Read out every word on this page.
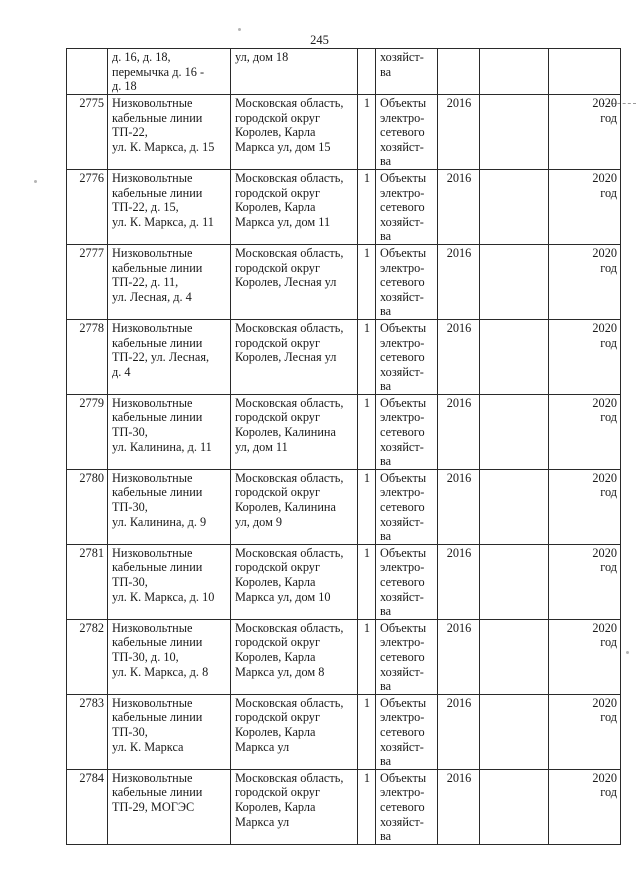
245

	д. 16, д. 18,
перемычка д. 16 -
д. 18	ул, дом 18		хозяйст-
ва			

2775	Низковольтные
кабельные линии
ТП-22,
ул. К. Маркса, д. 15	Московская область,
городской округ
Королев, Карла
Маркса ул, дом 15	1	Объекты
электро-
сетевого
хозяйст-
ва	2016		2020
год

2776	Низковольтные
кабельные линии
ТП-22, д. 15,
ул. К. Маркса, д. 11	Московская область,
городской округ
Королев, Карла
Маркса ул, дом 11	1	Объекты
электро-
сетевого
хозяйст-
ва	2016		2020
год

2777	Низковольтные
кабельные линии
ТП-22, д. 11,
ул. Лесная, д. 4	Московская область,
городской округ
Королев, Лесная ул	1	Объекты
электро-
сетевого
хозяйст-
ва	2016		2020
год

2778	Низковольтные
кабельные линии
ТП-22, ул. Лесная,
д. 4	Московская область,
городской округ
Королев, Лесная ул	1	Объекты
электро-
сетевого
хозяйст-
ва	2016		2020
год

2779	Низковольтные
кабельные линии
ТП-30,
ул. Калинина, д. 11	Московская область,
городской округ
Королев, Калинина
ул, дом 11	1	Объекты
электро-
сетевого
хозяйст-
ва	2016		2020
год

2780	Низковольтные
кабельные линии
ТП-30,
ул. Калинина, д. 9	Московская область,
городской округ
Королев, Калинина
ул, дом 9	1	Объекты
электро-
сетевого
хозяйст-
ва	2016		2020
год

2781	Низковольтные
кабельные линии
ТП-30,
ул. К. Маркса, д. 10	Московская область,
городской округ
Королев, Карла
Маркса ул, дом 10	1	Объекты
электро-
сетевого
хозяйст-
ва	2016		2020
год

2782	Низковольтные
кабельные линии
ТП-30, д. 10,
ул. К. Маркса, д. 8	Московская область,
городской округ
Королев, Карла
Маркса ул, дом 8	1	Объекты
электро-
сетевого
хозяйст-
ва	2016		2020
год

2783	Низковольтные
кабельные линии
ТП-30,
ул. К. Маркса	Московская область,
городской округ
Королев, Карла
Маркса ул	1	Объекты
электро-
сетевого
хозяйст-
ва	2016		2020
год

2784	Низковольтные
кабельные линии
ТП-29, МОГЭС	Московская область,
городской округ
Королев, Карла
Маркса ул	1	Объекты
электро-
сетевого
хозяйст-
ва	2016		2020
год
